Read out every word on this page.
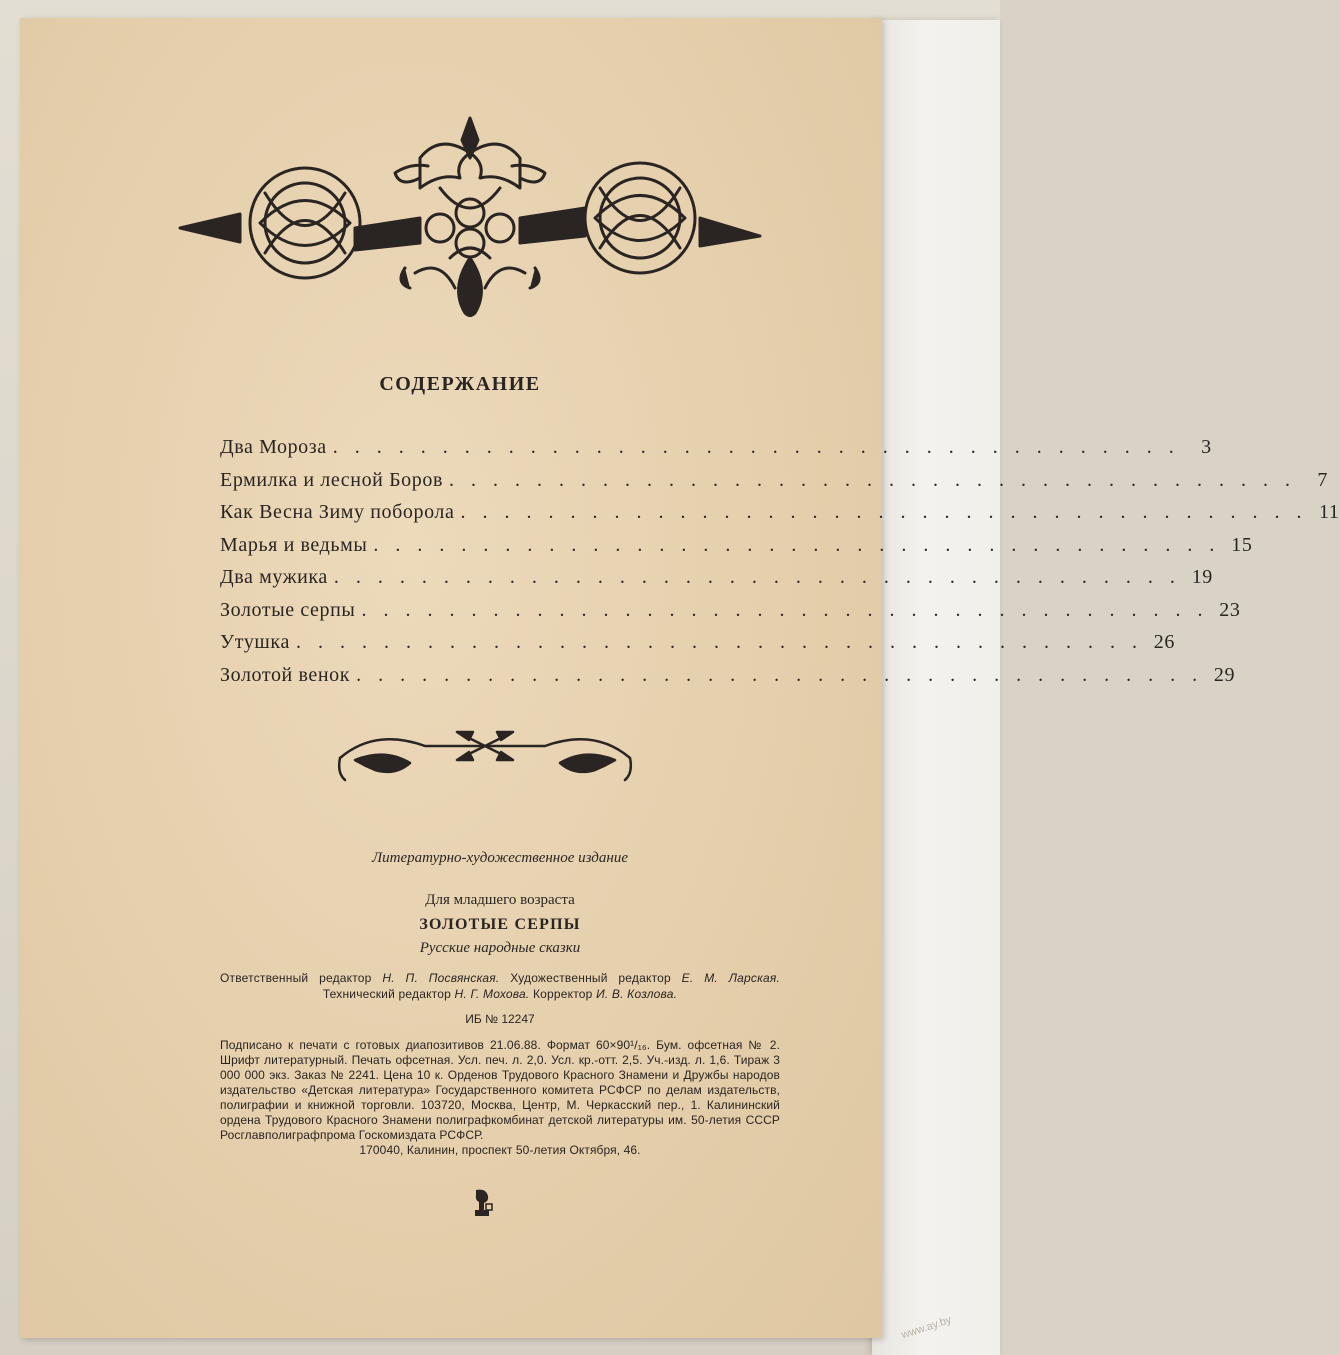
СОДЕРЖАНИЕ
Два Мороза . . . . . . . . . . . . . . . . . . . . . . . . . . . . . . . . . . . . . . .	3
Ермилка и лесной Боров . . . . . . . . . . . . . . . . . . . . . . . . . . . . . . . . . . . . . . .	7
Как Весна Зиму поборола . . . . . . . . . . . . . . . . . . . . . . . . . . . . . . . . . . . . . . . 11
Марья и ведьмы . . . . . . . . . . . . . . . . . . . . . . . . . . . . . . . . . . . . . . . 15
Два мужика . . . . . . . . . . . . . . . . . . . . . . . . . . . . . . . . . . . . . . . 19
Золотые серпы . . . . . . . . . . . . . . . . . . . . . . . . . . . . . . . . . . . . . . . 23
Утушка . . . . . . . . . . . . . . . . . . . . . . . . . . . . . . . . . . . . . . . 26
Золотой венок . . . . . . . . . . . . . . . . . . . . . . . . . . . . . . . . . . . . . . . 29
Литературно-художественное издание
Для младшего возраста
ЗОЛОТЫЕ СЕРПЫ
Русские народные сказки
Ответственный редактор Н. П. Посвянская. Художественный редактор Е. М. Ларская. Технический редактор Н. Г. Мохова. Корректор И. В. Козлова.
ИБ № 12247
Подписано к печати с готовых диапозитивов 21.06.88. Формат 60×90¹/₁₆. Бум. офсетная № 2. Шрифт литературный. Печать офсетная. Усл. печ. л. 2,0. Усл. кр.-отт. 2,5. Уч.-изд. л. 1,6. Тираж 3 000 000 экз. Заказ № 2241. Цена 10 к. Орденов Трудового Красного Знамени и Дружбы народов издательство «Детская литература» Государственного комитета РСФСР по делам издательств, полиграфии и книжной торговли. 103720, Москва, Центр, М. Черкасский пер., 1. Калининский ордена Трудового Красного Знамени полиграфкомбинат детской литературы им. 50-летия СССР Росглавполиграфпрома Госкомиздата РСФСР.
170040, Калинин, проспект 50-летия Октября, 46.
www.ay.by
